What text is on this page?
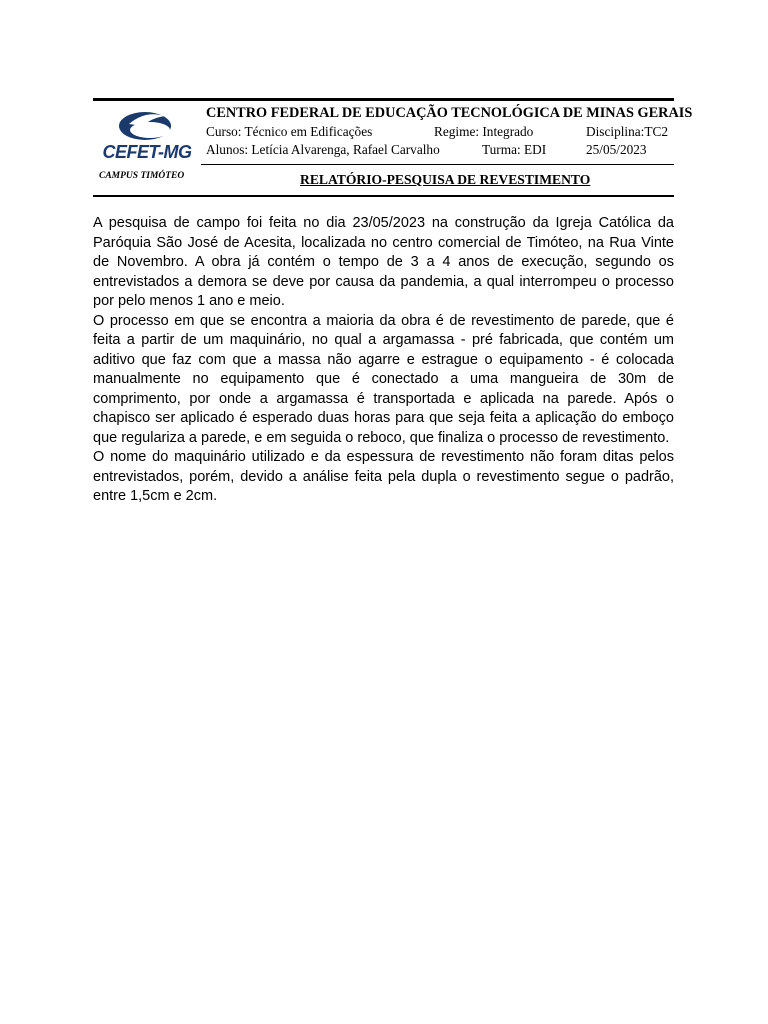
CEFET-MG
CAMPUS TIMÓTEO
CENTRO FEDERAL DE EDUCAÇÃO TECNOLÓGICA DE MINAS GERAIS
Curso: Técnico em Edificações	Regime: Integrado	Disciplina:TC2
Alunos: Letícia Alvarenga, Rafael Carvalho	Turma: EDI	25/05/2023
RELATÓRIO-PESQUISA DE REVESTIMENTO

A pesquisa de campo foi feita no dia 23/05/2023 na construção da Igreja Católica da Paróquia São José de Acesita, localizada no centro comercial de Timóteo, na Rua Vinte de Novembro. A obra já contém o tempo de 3 a 4 anos de execução, segundo os entrevistados a demora se deve por causa da pandemia, a qual interrompeu o processo por pelo menos 1 ano e meio.

O processo em que se encontra a maioria da obra é de revestimento de parede, que é feita a partir de um maquinário, no qual a argamassa - pré fabricada, que contém um aditivo que faz com que a massa não agarre e estrague o equipamento - é colocada manualmente no equipamento que é conectado a uma mangueira de 30m de comprimento, por onde a argamassa é transportada e aplicada na parede. Após o chapisco ser aplicado é esperado duas horas para que seja feita a aplicação do emboço que regulariza a parede, e em seguida o reboco, que finaliza o processo de revestimento.

O nome do maquinário utilizado e da espessura de revestimento não foram ditas pelos entrevistados, porém, devido a análise feita pela dupla o revestimento segue o padrão, entre 1,5cm e 2cm.
